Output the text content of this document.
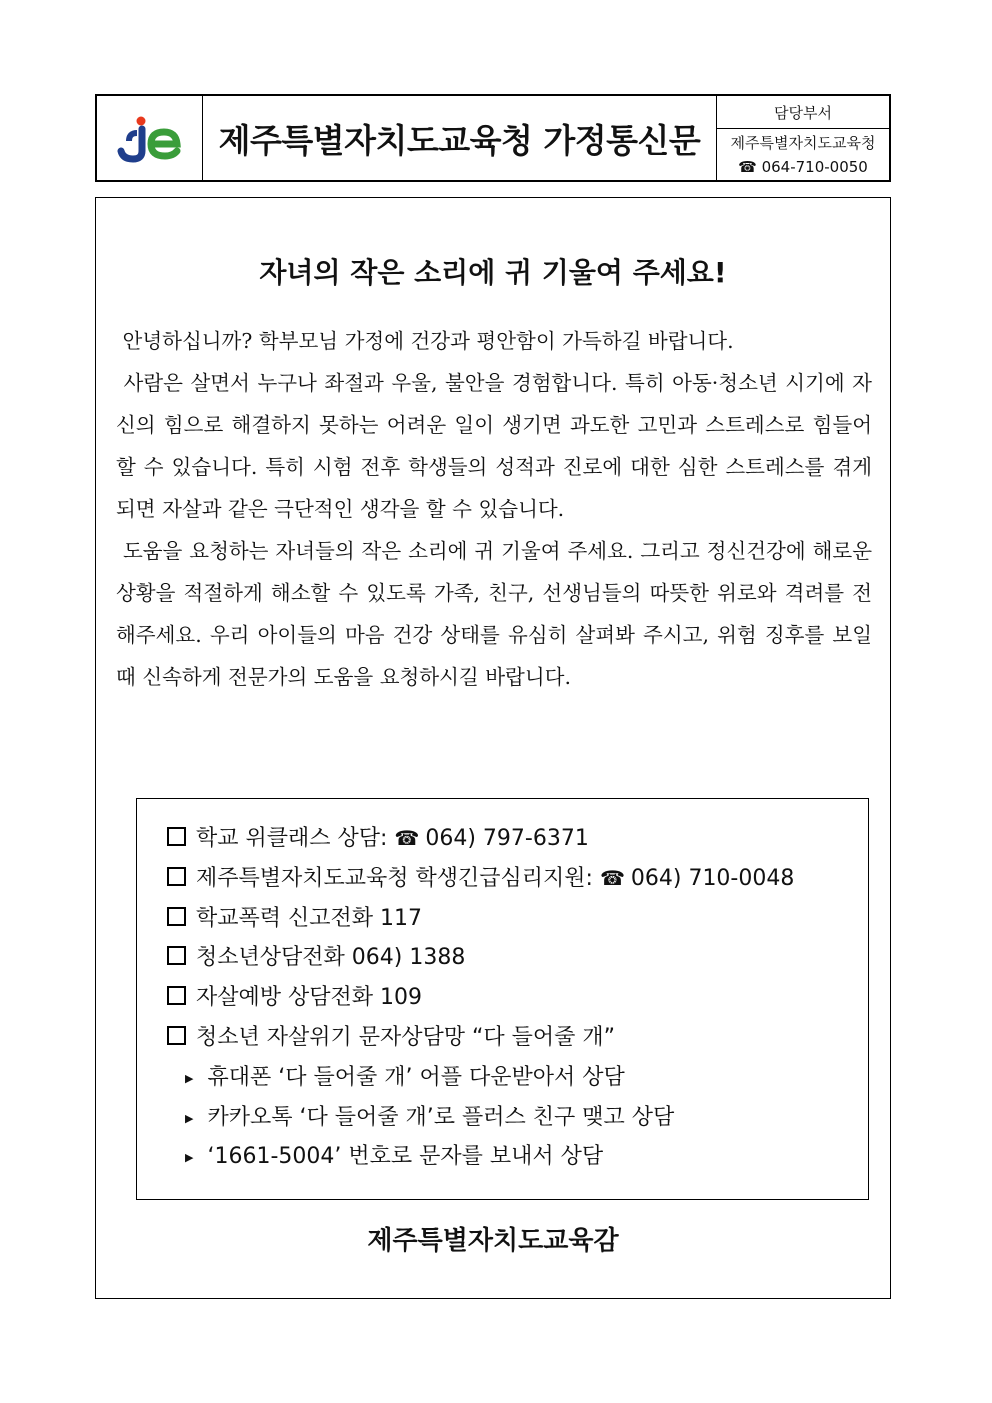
제주특별자치도교육청 가정통신문
담당부서
제주특별자치도교육청
☎ 064-710-0050
자녀의 작은 소리에 귀 기울여 주세요!

안녕하십니까? 학부모님 가정에 건강과 평안함이 가득하길 바랍니다.

사람은 살면서 누구나 좌절과 우울, 불안을 경험합니다. 특히 아동·청소년 시기에 자신의 힘으로 해결하지 못하는 어려운 일이 생기면 과도한 고민과 스트레스로 힘들어 할 수 있습니다. 특히 시험 전후 학생들의 성적과 진로에 대한 심한 스트레스를 겪게 되면 자살과 같은 극단적인 생각을 할 수 있습니다.

도움을 요청하는 자녀들의 작은 소리에 귀 기울여 주세요. 그리고 정신건강에 해로운 상황을 적절하게 해소할 수 있도록 가족, 친구, 선생님들의 따뜻한 위로와 격려를 전해주세요. 우리 아이들의 마음 건강 상태를 유심히 살펴봐 주시고, 위험 징후를 보일 때 신속하게 전문가의 도움을 요청하시길 바랍니다.

학교 위클래스 상담: ☎ 064) 797-6371
제주특별자치도교육청 학생긴급심리지원: ☎ 064) 710-0048
학교폭력 신고전화 117
청소년상담전화 064) 1388
자살예방 상담전화 109
청소년 자살위기 문자상담망 “다 들어줄 개”
▶ 휴대폰 ‘다 들어줄 개’ 어플 다운받아서 상담
▶ 카카오톡 ‘다 들어줄 개’로 플러스 친구 맺고 상담
▶ ‘1661-5004’ 번호로 문자를 보내서 상담
제주특별자치도교육감
